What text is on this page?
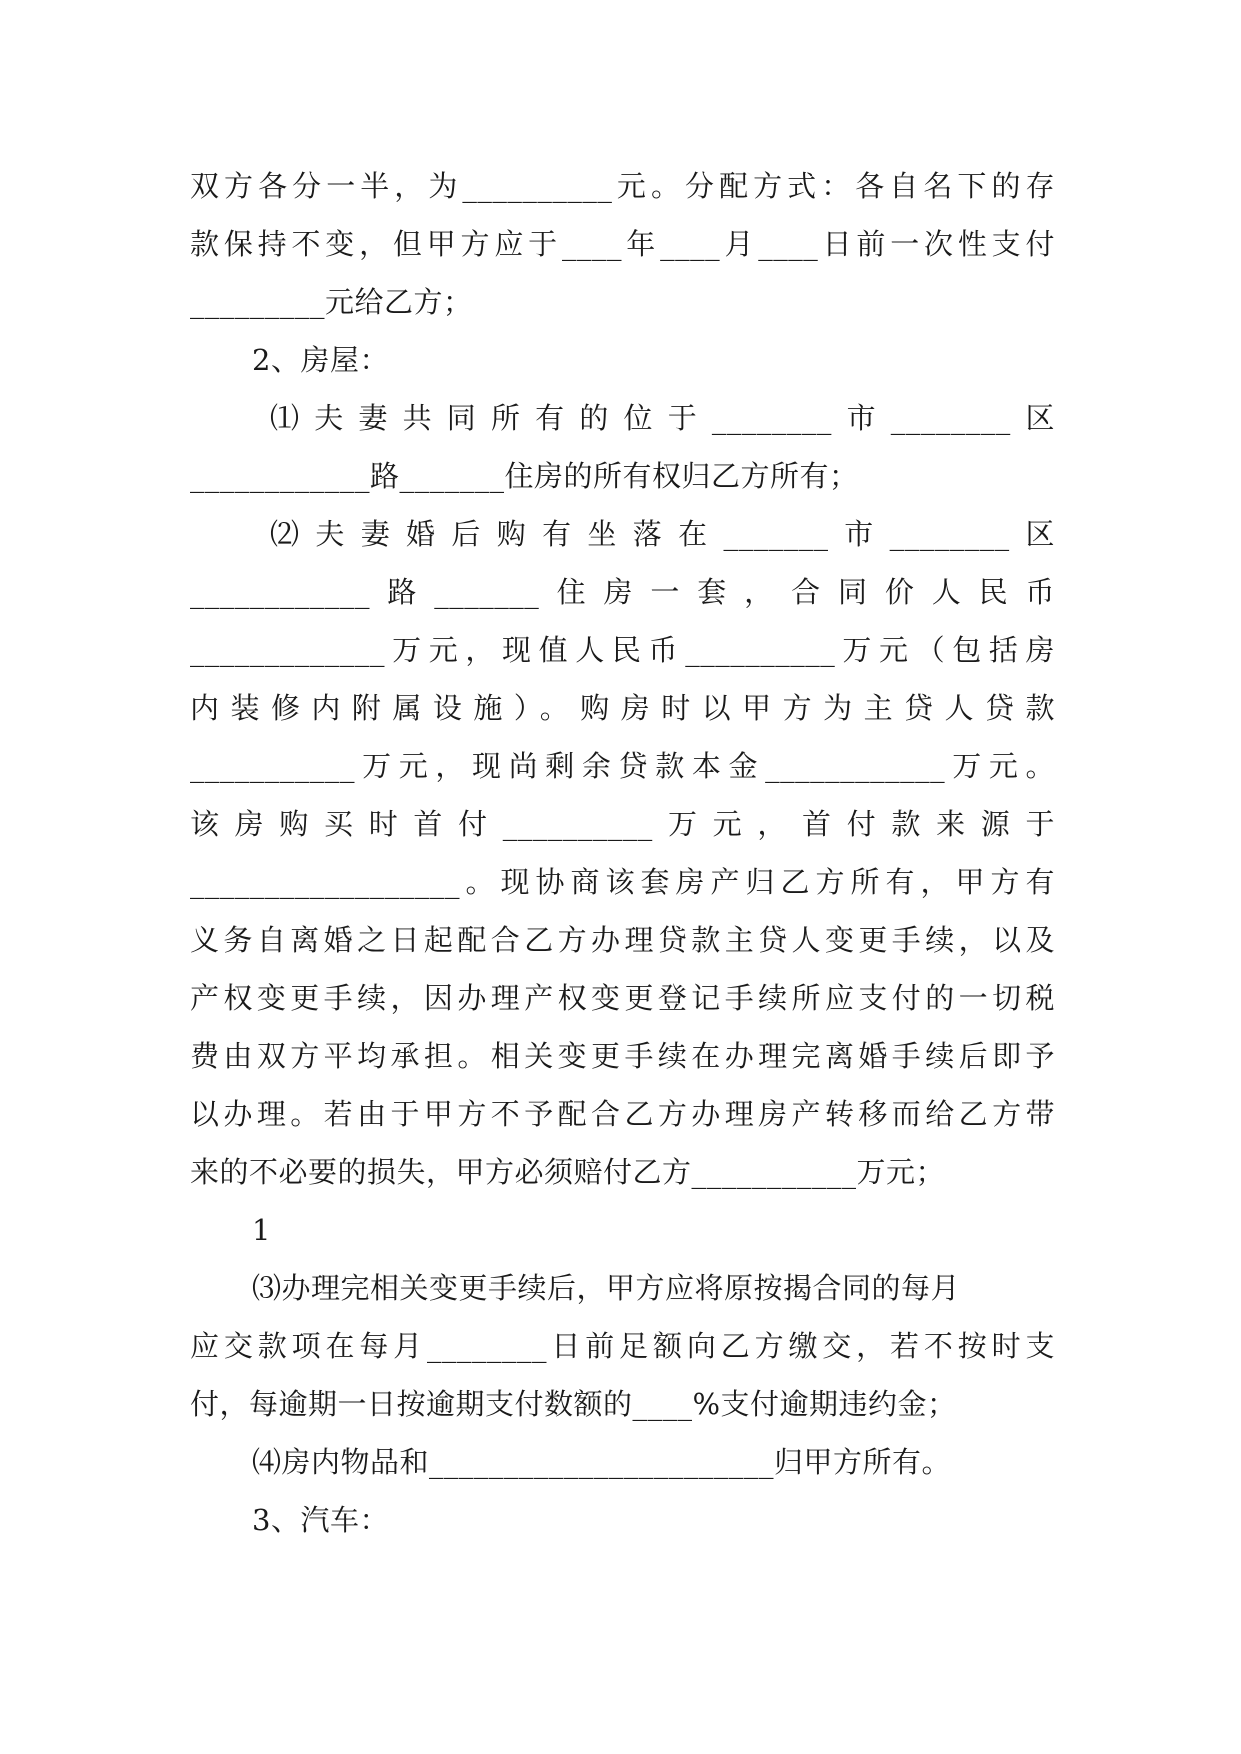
双方各分一半，为__________元。分配方式：各自名下的存
款保持不变，但甲方应于____年____月____日前一次性支付
_________元给乙方；
2、房屋：
⑴夫妻共同所有的位于________市________区
____________路_______住房的所有权归乙方所有；
⑵夫妻婚后购有坐落在_______市________区
____________路_______住房一套，合同价人民币
_____________万元，现值人民币__________万元（包括房
内装修内附属设施）。购房时以甲方为主贷人贷款
___________万元，现尚剩余贷款本金____________万元。
该房购买时首付__________万元，首付款来源于
__________________。现协商该套房产归乙方所有，甲方有
义务自离婚之日起配合乙方办理贷款主贷人变更手续，以及
产权变更手续，因办理产权变更登记手续所应支付的一切税
费由双方平均承担。相关变更手续在办理完离婚手续后即予
以办理。若由于甲方不予配合乙方办理房产转移而给乙方带
来的不必要的损失，甲方必须赔付乙方___________万元；
1
⑶办理完相关变更手续后，甲方应将原按揭合同的每月
应交款项在每月________日前足额向乙方缴交，若不按时支
付，每逾期一日按逾期支付数额的____%支付逾期违约金；
⑷房内物品和_______________________归甲方所有。
3、汽车：
